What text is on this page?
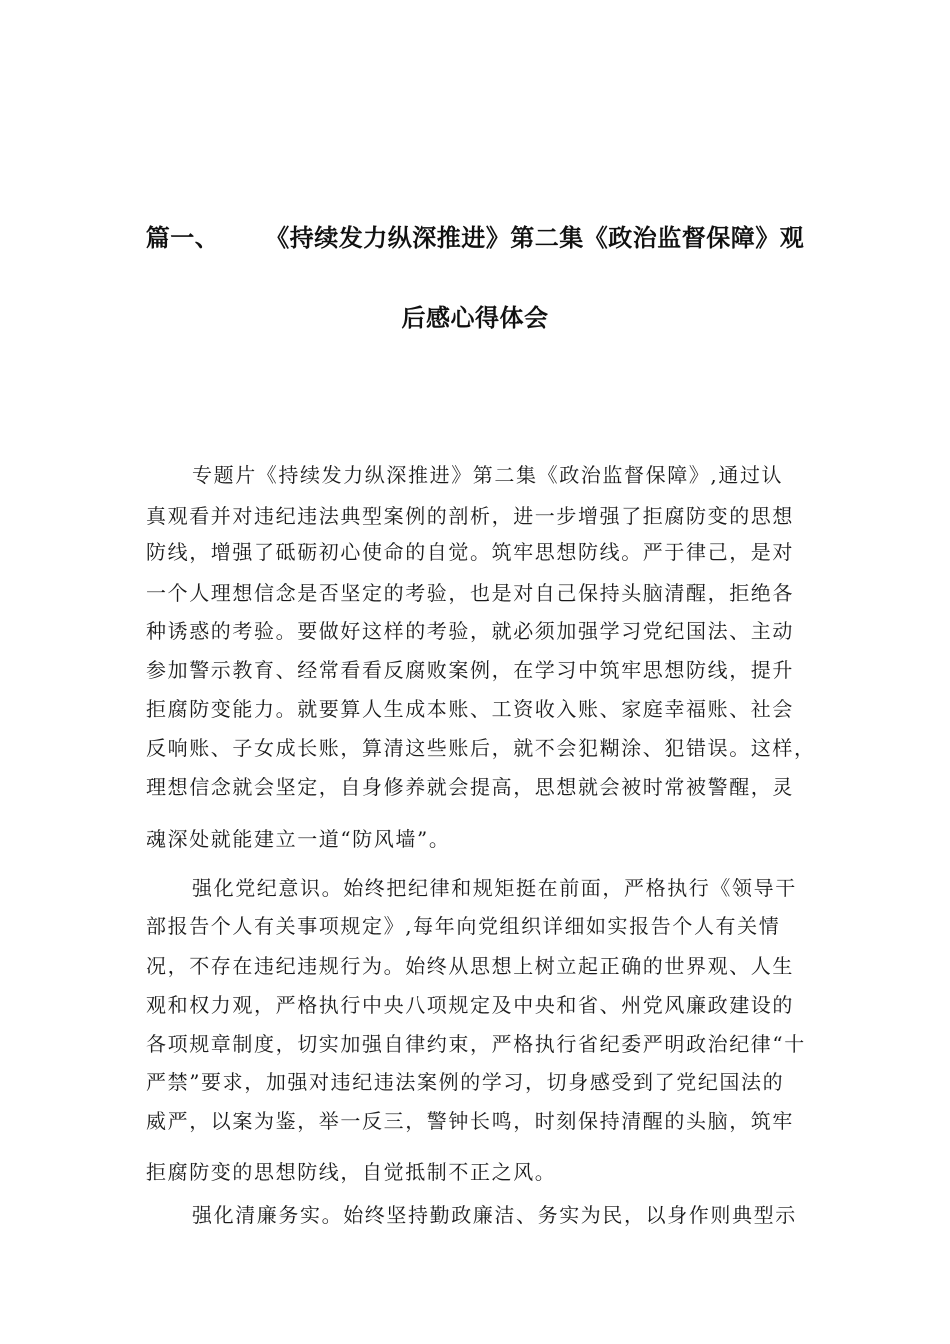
篇一、 《持续发力纵深推进》第二集《政治监督保障》观
后感心得体会
专题片《持续发力纵深推进》第二集《政治监督保障》,通过认
真观看并对违纪违法典型案例的剖析，进一步增强了拒腐防变的思想
防线，增强了砥砺初心使命的自觉。筑牢思想防线。严于律己，是对
一个人理想信念是否坚定的考验，也是对自己保持头脑清醒，拒绝各
种诱惑的考验。要做好这样的考验，就必须加强学习党纪国法、主动
参加警示教育、经常看看反腐败案例，在学习中筑牢思想防线，提升
拒腐防变能力。就要算人生成本账、工资收入账、家庭幸福账、社会
反响账、子女成长账，算清这些账后，就不会犯糊涂、犯错误。这样，
理想信念就会坚定，自身修养就会提高，思想就会被时常被警醒，灵
魂深处就能建立一道“防风墙”。
强化党纪意识。始终把纪律和规矩挺在前面，严格执行《领导干
部报告个人有关事项规定》,每年向党组织详细如实报告个人有关情
况，不存在违纪违规行为。始终从思想上树立起正确的世界观、人生
观和权力观，严格执行中央八项规定及中央和省、州党风廉政建设的
各项规章制度，切实加强自律约束，严格执行省纪委严明政治纪律“十
严禁”要求，加强对违纪违法案例的学习，切身感受到了党纪国法的
威严，以案为鉴，举一反三，警钟长鸣，时刻保持清醒的头脑，筑牢
拒腐防变的思想防线，自觉抵制不正之风。
强化清廉务实。始终坚持勤政廉洁、务实为民，以身作则典型示
